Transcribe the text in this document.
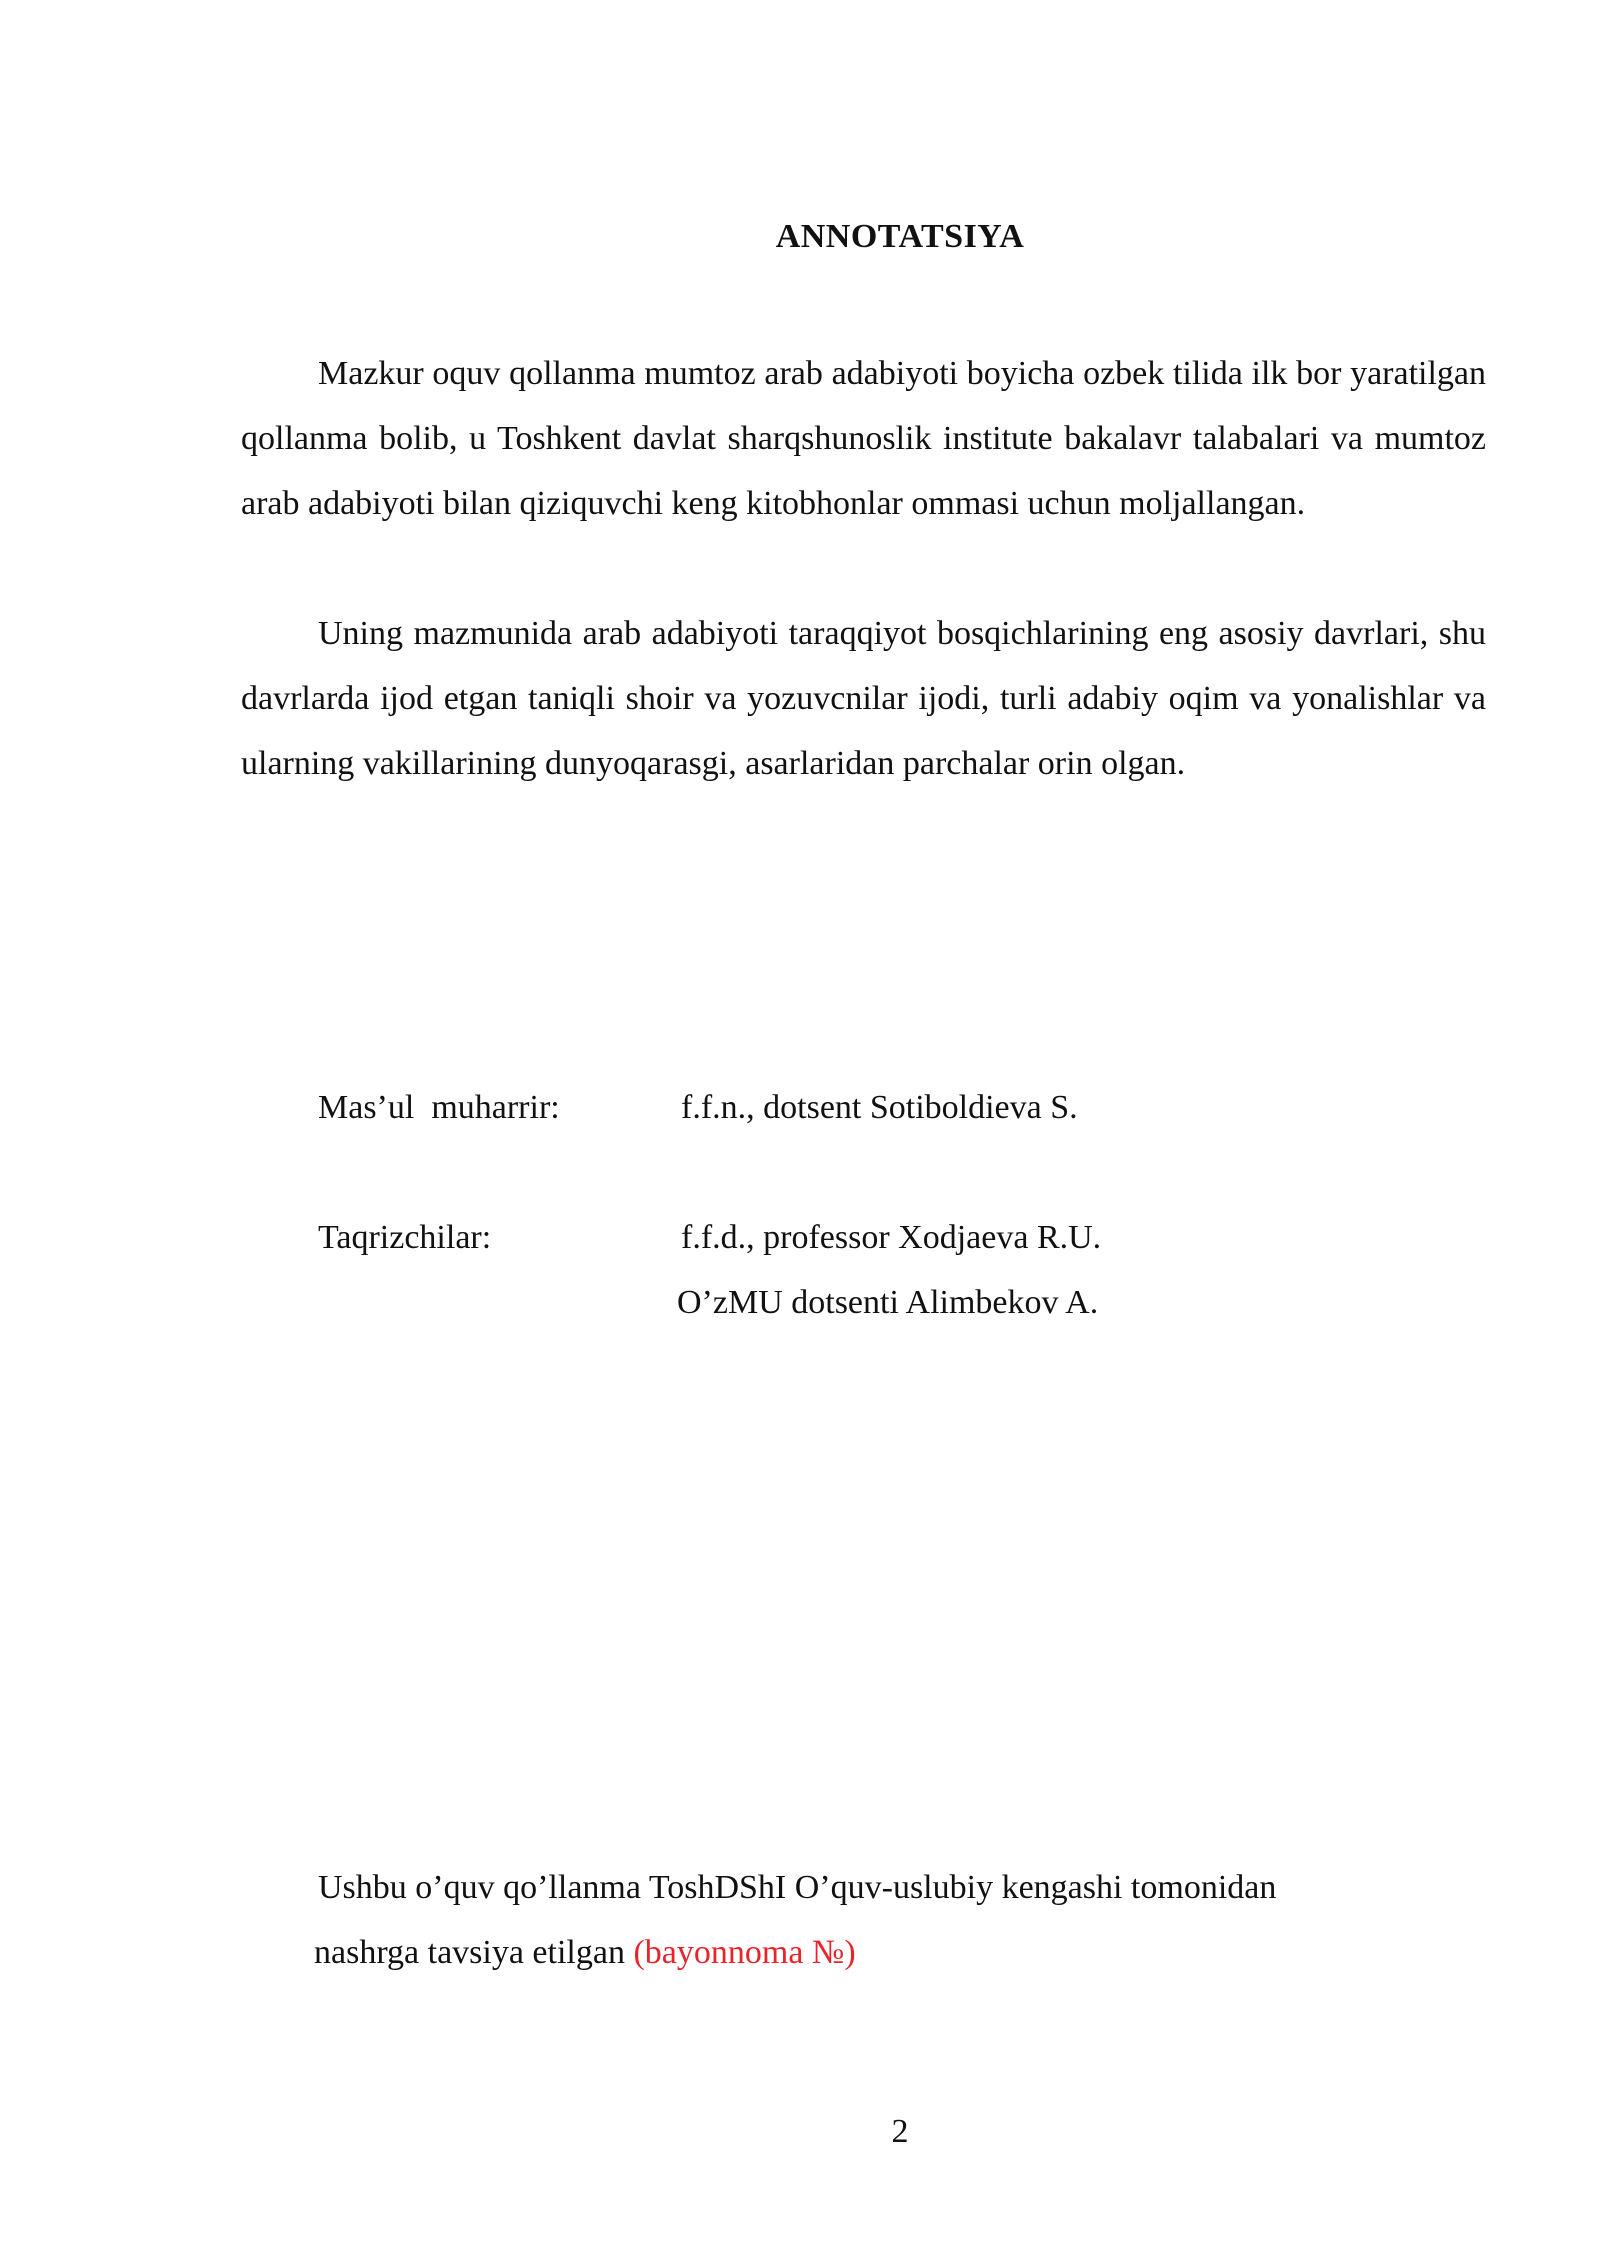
ANNOTATSIYA

Mazkur oquv qollanma mumtoz arab adabiyoti boyicha ozbek tilida ilk bor yaratilgan qollanma bolib, u Toshkent davlat sharqshunoslik institute bakalavr talabalari va mumtoz arab adabiyoti bilan qiziquvchi keng kitobhonlar ommasi uchun moljallangan.

Uning mazmunida arab adabiyoti taraqqiyot bosqichlarining eng asosiy davrlari, shu davrlarda ijod etgan taniqli shoir va yozuvcnilar ijodi, turli adabiy oqim va yonalishlar va ularning vakillarining dunyoqarasgi, asarlaridan parchalar orin olgan.

Mas’ul  muharrir:	f.f.n., dotsent Sotiboldieva S.
Taqrizchilar:	f.f.d., professor Xodjaeva R.U.
O’zMU dotsenti Alimbekov A.
Ushbu o’quv qo’llanma ToshDShI O’quv-uslubiy kengashi tomonidan
nashrga tavsiya etilgan (bayonnoma №)
2
